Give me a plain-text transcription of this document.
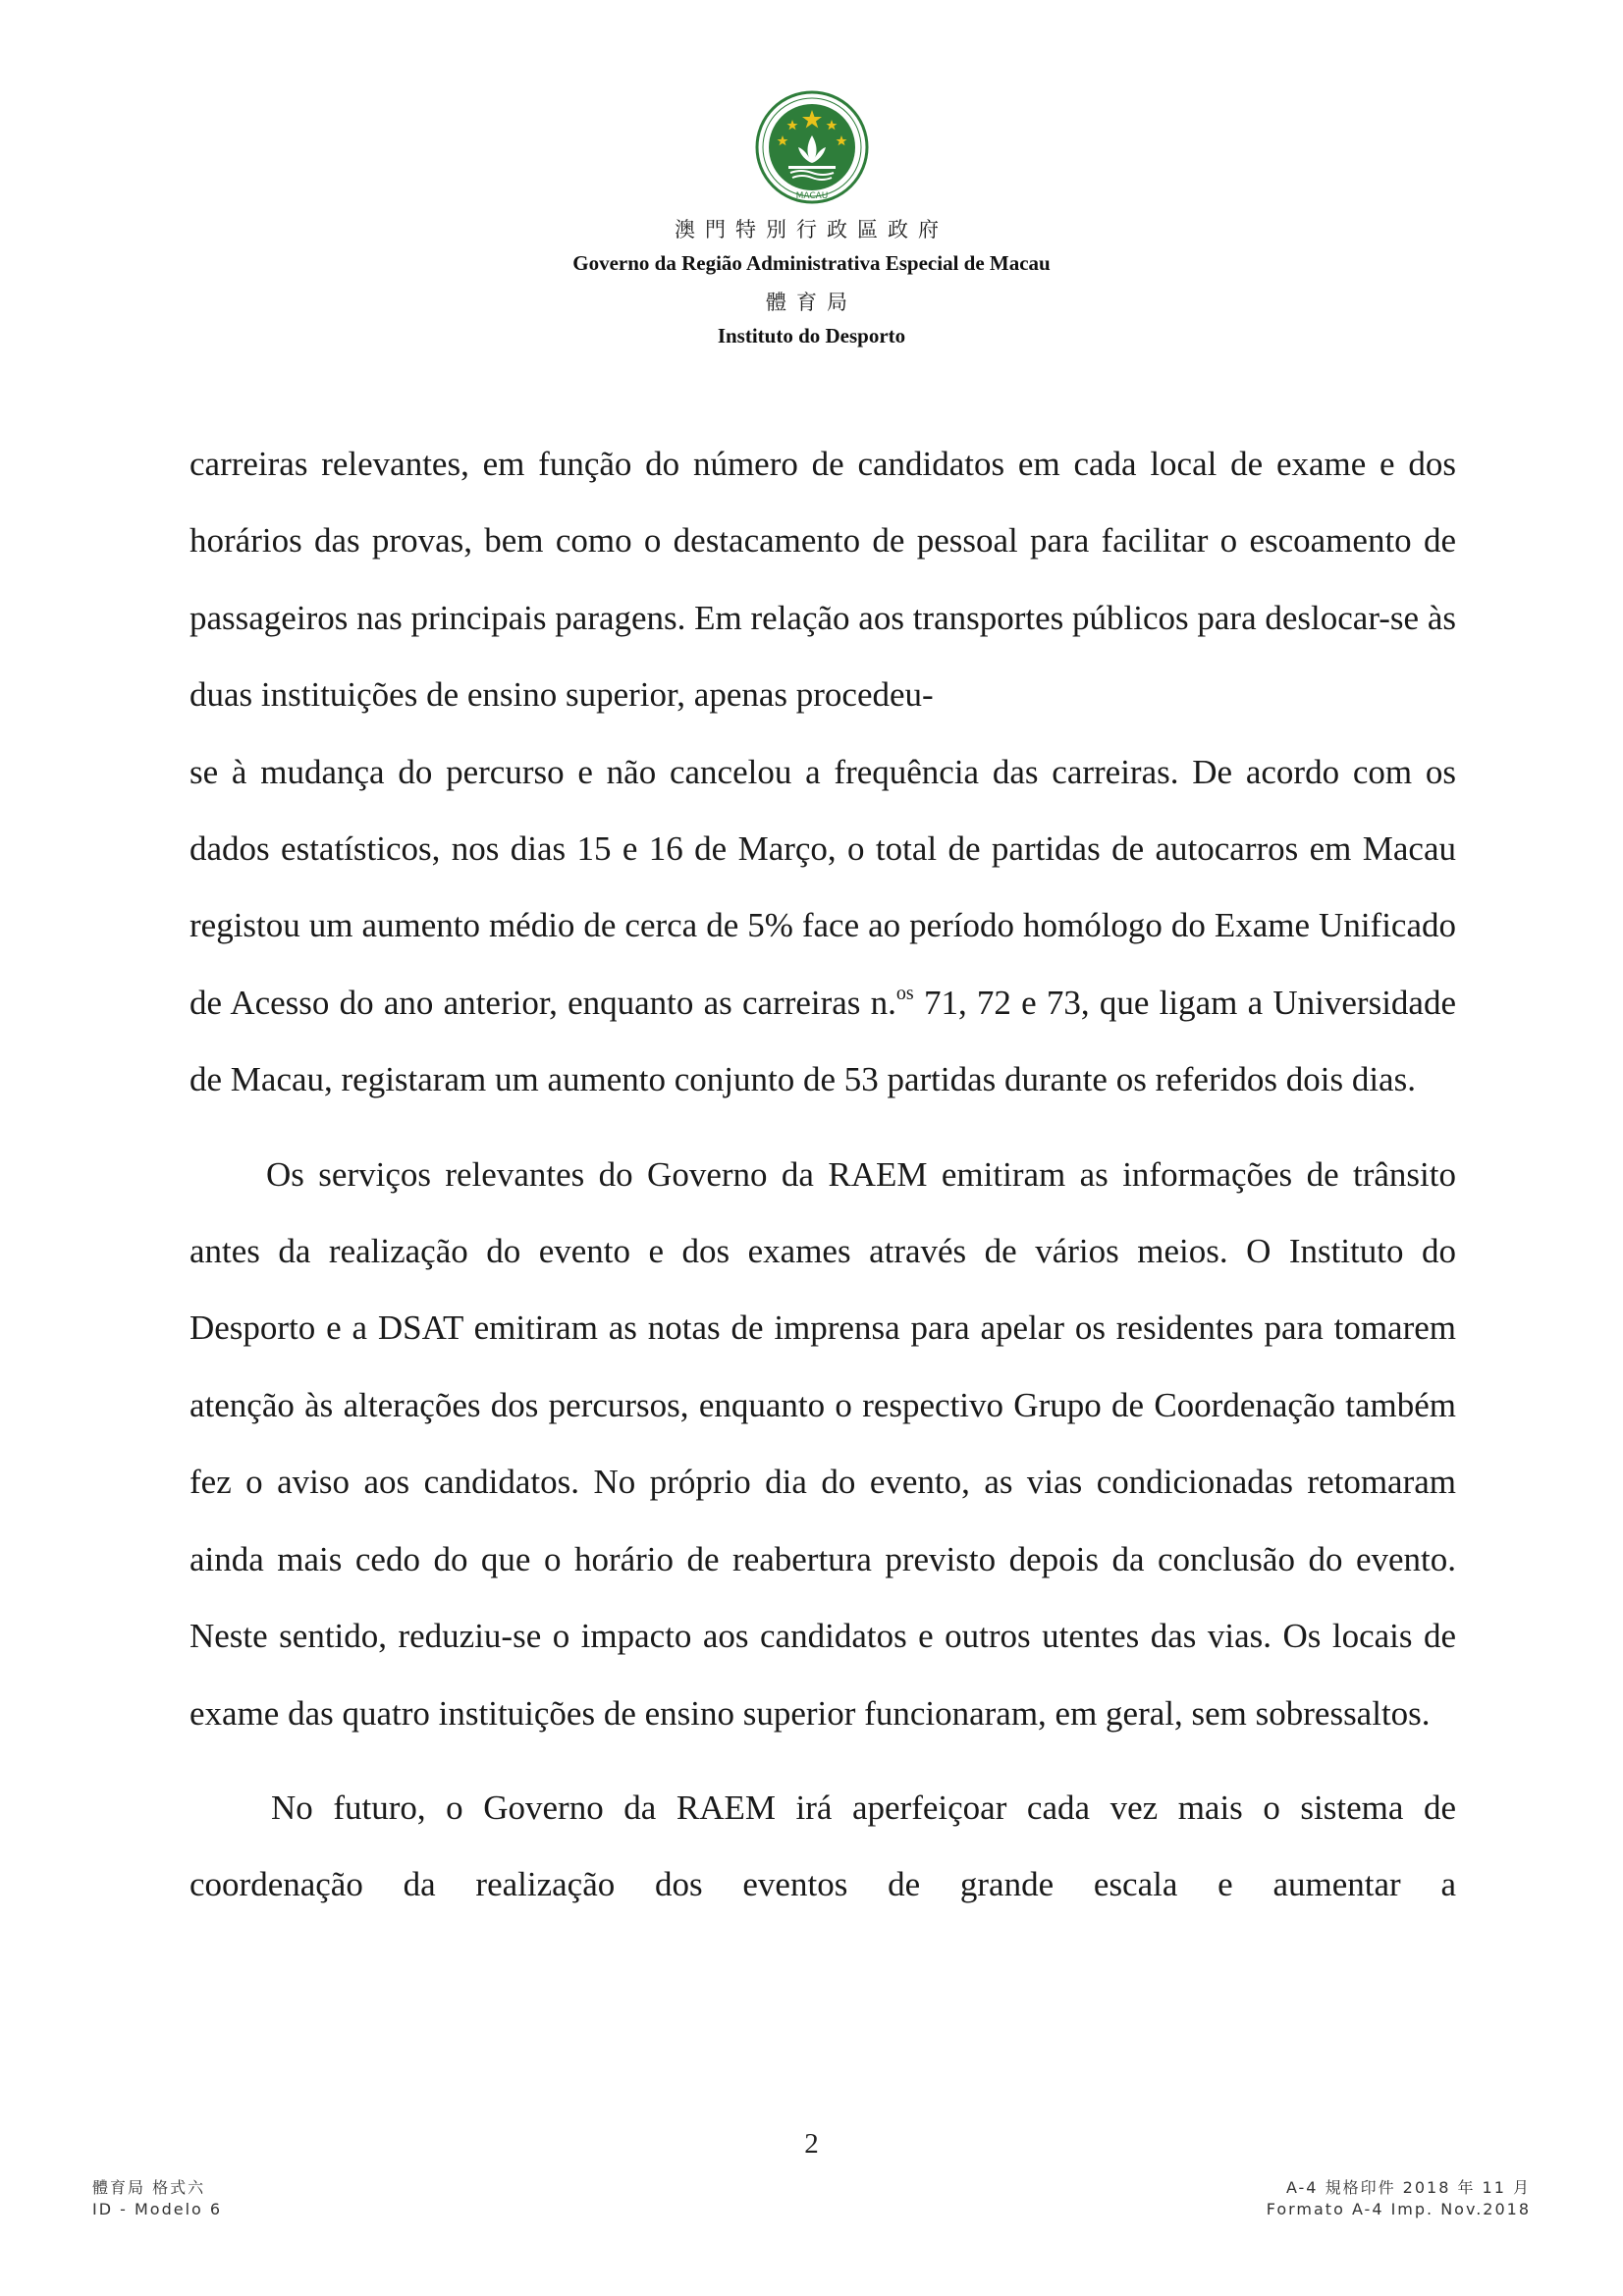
MACAU
澳門特別行政區政府
Governo da Região Administrativa Especial de Macau
體育局
Instituto do Desporto

carreiras relevantes, em função do número de candidatos em cada local de exame e dos horários das provas, bem como o destacamento de pessoal para facilitar o escoamento de passageiros nas principais paragens. Em relação aos transportes públicos para deslocar-se às duas instituições de ensino superior, apenas procedeu-
se à mudança do percurso e não cancelou a frequência das carreiras. De acordo com os dados estatísticos, nos dias 15 e 16 de Março, o total de partidas de autocarros em Macau registou um aumento médio de cerca de 5% face ao período homólogo do Exame Unificado de Acesso do ano anterior, enquanto as carreiras n.$^{os}$ 71, 72 e 73, que ligam a Universidade de Macau, registaram um aumento conjunto de 53 partidas durante os referidos dois dias.

Os serviços relevantes do Governo da RAEM emitiram as informações de trânsito antes da realização do evento e dos exames através de vários meios. O Instituto do Desporto e a DSAT emitiram as notas de imprensa para apelar os residentes para tomarem atenção às alterações dos percursos, enquanto o respectivo Grupo de Coordenação também fez o aviso aos candidatos. No próprio dia do evento, as vias condicionadas retomaram ainda mais cedo do que o horário de reabertura previsto depois da conclusão do evento. Neste sentido, reduziu-se o impacto aos candidatos e outros utentes das vias. Os locais de exame das quatro instituições de ensino superior funcionaram, em geral, sem sobressaltos.

No futuro, o Governo da RAEM irá aperfeiçoar cada vez mais o sistema de coordenação da realização dos eventos de grande escala e aumentar a

2
體育局 格式六
ID - Modelo 6
A-4 規格印件 2018 年 11 月
Formato A-4 Imp. Nov.2018
